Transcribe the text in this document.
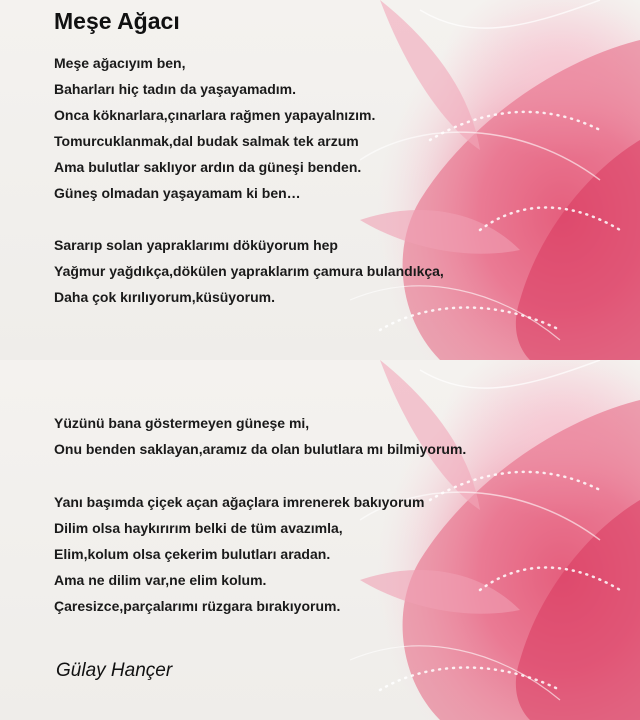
Meşe Ağacı
Meşe ağacıyım ben,
Baharları hiç tadın da yaşayamadım.
Onca köknarlara,çınarlara rağmen yapayalnızım.
Tomurcuklanmak,dal budak salmak tek arzum
Ama bulutlar saklıyor ardın da güneşi benden.
Güneş olmadan yaşayamam ki ben…
Sararıp solan yapraklarımı döküyorum hep
Yağmur yağdıkça,dökülen yapraklarım çamura bulandıkça,
Daha çok kırılıyorum,küsüyorum.
Yüzünü bana göstermeyen güneşe mi,
Onu benden saklayan,aramız da olan bulutlara mı bilmiyorum.
Yanı başımda çiçek açan ağaçlara imrenerek bakıyorum
Dilim olsa haykırırım belki de tüm avazımla,
Elim,kolum olsa çekerim bulutları aradan.
Ama ne dilim var,ne elim kolum.
Çaresizce,parçalarımı rüzgara bırakıyorum.

Gülay Hançer
